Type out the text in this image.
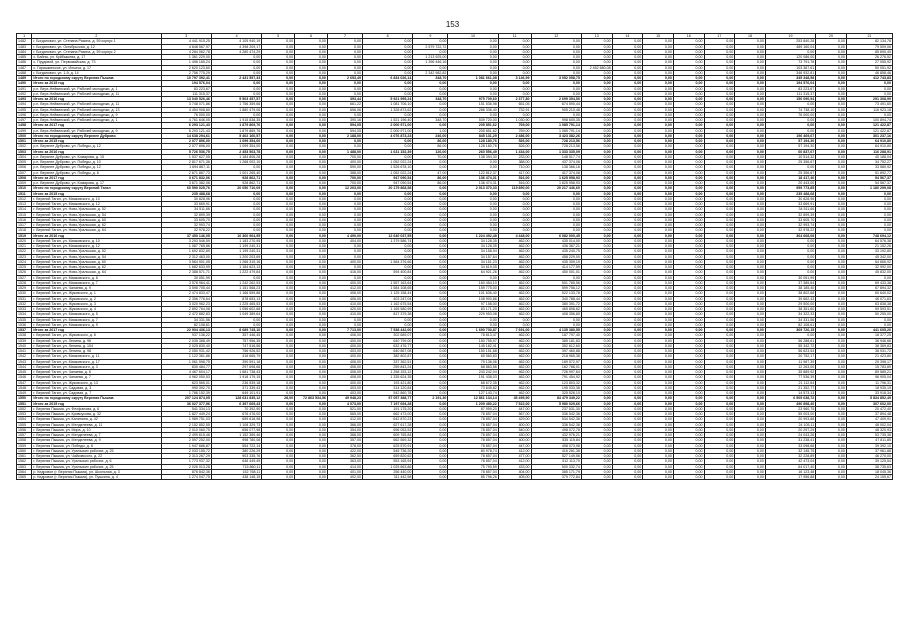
153
1	2	3	4	5	6	7	8	9	10	11	12	13	14	15	16	17	18	19	20	21
1482	г. Богданович, ул. Степана Разина, д. 59 корпус 1	4 441 915,25	4 105 940,19	0,00	0,00	0,00	0,00	0,00	0,00	0,00	0,00	0,00	0,00	0,00	0,00	0,00	0,00	253 840,28	0,00	82 134,78
1483	г. Богданович, ул. Октябрьская, д. 12	4 648 567,97	4 398 209,17	0,00	0,00	0,00	0,00	2 579 722,72	0,00	0,00	0,00	0,00	0,00	0,00	0,00	0,00	0,00	489 160,04	0,00	79 509,06
1484	г. Богданович, ул. Степана Разина, д. 59 корпус 2	4 284 062,78	4 280 474,29	0,00	0,00	0,00	0,00	0,00	0,00	0,00	0,00	0,00	0,00	0,00	0,00	0,00	0,00	0,00	0,00	85 690,49
1485	с. Байны, ул. Куйбышева, д. 17	1 361 229,00	0,00	0,00	0,00	0,00	0,00	1 213 925,00	0,00	0,00	0,00	0,00	0,00	0,00	0,00	0,00	0,00	120 086,00	0,00	26 276,52
1486	с. Прудовой, ул. Первомайская, д. 73	1 496 165,24	0,00	0,00	0,00	0,00	0,00	1 396 446,16	0,00	0,00	0,00	0,00	0,00	0,00	0,00	0,00	0,00	73 791,78	0,00	27 055,92
1487	с. Гарашкинское, ул. Ильича, д. 17	2 620 123,60	0,00	0,00	0,00	0,00	0,00	0,00	0,00	0,00	0,00	2 452 680,08	0,00	0,00	0,00	0,00	0,00	103 387,61	0,00	50 051,92
1488	г. Богданович, ул. 1-й, д. 14	2 756 775,29	0,00	0,00	0,00	0,00	0,00	2 342 982,82	0,00	0,00	0,00	0,00	0,00	0,00	0,00	0,00	0,00	346 932,81	0,00	46 858,46
1489	Итого по городскому округу Верхняя Пышма	10 797 392,41	2 431 557,33	0,00	0,00	2 653,49	6 834 026,14	348,70	1 081 661,08	3 146,99	3 052 058,75	0,00	0,00	0,00	0,00	0,00	0,00	345 348,58	0,00	412 743,83
1490	Итого за 2015 год	194 576,04	0,00	0,00	0,00	0,00	0,00	0,00	0,00	0,00	0,00	0,00	0,00	0,00	0,00	0,00	0,00	194 576,04	0,00	0,00
1491	р.п. Верх-Нейвинский, ул. Рабочей молодежи, д. 1	83 223,67	0,00	0,00	0,00	0,00	0,00	0,00	0,00	0,00	0,00	0,00	0,00	0,00	0,00	0,00	0,00	83 223,67	0,00	0,00
1492	р.п. Верх-Нейвинский, ул. Рабочей молодежи, д. 11	111 315,37	0,00	0,00	0,00	0,00	0,00	0,00	0,00	0,00	0,00	0,00	0,00	0,00	0,00	0,00	0,00	111 315,37	0,00	0,00
1493	Итого за 2016 год	13 040 526,46	5 503 457,57	0,00	0,00	393,44	5 921 995,24	348,70	975 709,60	2 377,80	2 699 354,50	0,00	0,00	0,00	0,00	0,00	0,00	150 090,94	0,00	291 308,99
1494	р.п. Верх-Нейвинский, ул. Рабочей молодежи, д. 11	3 748 071,86	1 756 359,66	0,00	0,00	661,22	1 081 706,10	0,00	151 536,98	651,05	674 590,44	0,00	0,00	0,00	0,00	0,00	0,00	0,00	0,00	73 491,60
1495	р.п. Верх-Нейвинский, ул. Рабочей молодежи, д. 13	4 454 908,80	1 880 479,06	0,00	0,00	656,06	1 328 873,62	0,00	286 336,40	732,91	905 210,48	0,00	0,00	0,00	0,00	0,00	0,00	74 738,10	0,00	116 923,18
1496	р.п. Верх-Нейвинский, ул. Рабочей молодежи, д. 9	76 000,00	0,00	0,00	0,00	0,00	0,00	0,00	0,00	0,00	0,00	0,00	0,00	0,00	0,00	0,00	0,00	76 000,00	0,00	0,00
1497	р.п. Верх-Нейвинский, ул. Рабочей молодежи, д. 1	4 761 646,05	1 915 838,35	0,00	0,00	390,16	1 521 196,40	348,70	539 720,00	1 030,90	998 605,35	0,00	0,00	0,00	0,00	0,00	0,00	0,00	0,00	100 894,74
1498	Итого за 2017 год	6 293 121,43	1 879 869,76	0,00	0,00	594,05	2 000 971,00	0,00	205 851,62	769,00	1 085 791,14	0,00	0,00	0,00	0,00	0,00	0,00	0,00	0,00	121 422,87
1499	р.п. Верх-Нейвинский, ул. Рабочей молодежи, д. 9	6 293 121,43	1 879 869,76	0,00	0,00	594,05	2 000 971,00	1,00	205 851,62	769,00	1 085 791,14	0,00	0,00	0,00	0,00	0,00	0,00	0,00	0,00	121 422,87
1500	Итого по городскому округу Верхнее Дуброво	14 638 294,61	5 402 160,57	0,00	0,00	2 188,00	4 076 873,23	246,00	845 131,29	2 486,00	3 423 382,26	0,00	0,00	0,00	0,00	0,00	0,00	196 469,67	0,00	301 237,16
1501	Итого за 2015 год	2 077 896,00	1 099 354,00	0,00	0,00	0,00	0,00	86,00	128 180,76	526,00	728 213,56	0,00	0,00	0,00	0,00	0,00	0,00	57 194,30	0,00	64 910,80
1502	р.п. Верхнее Дуброво, ул. Победы, д. 12	2 077 896,00	1 099 354,00	0,00	0,00	0,00	0,00	86,00	128 180,76	526,00	728 213,56	0,00	0,00	0,00	0,00	0,00	0,00	57 194,30	0,00	64 910,80
1503	Итого за 2016 год	5 726 536,75	2 453 563,78	0,00	0,00	1 488,00	1 631 152,39	126,00	260 556,49	1 434,00	1 333 335,09	0,00	0,00	0,00	0,00	0,00	0,00	60 837,07	0,00	116 288,91
1504	р.п. Верхнее Дуброво, ул. Комарова, д. 15	1 537 627,05	1 184 806,28	0,00	0,00	700,00	0,00	70,00	138 394,30	233,00	148 517,74	0,00	0,00	0,00	0,00	0,00	0,00	10 514,32	0,00	40 188,04
1505	р.п. Верхнее Дуброво, ул. Победы, д. 10	2 817 671,36	1 268 002,10	0,00	0,00	400,00	1 052 022,24	0,00	0,00	388,00	437 374,08	0,00	0,00	0,00	0,00	0,00	0,00	25 356,67	0,00	34 752,27
1506	р.п. Верхнее Дуброво, ул. Победы, д. 12	1 694 867,11	0,00	0,00	0,00	590,00	1 526 678,10	0,00	0,00	710,00	138 366,16	0,00	0,00	0,00	0,00	0,00	0,00	0,00	0,00	33 580,92
1507	р.п. Верхнее Дуброво, ул. Победы, д. 8	2 671 867,73	1 001 265,40	0,00	0,00	388,00	1 052 022,24	47,00	122 812,37	417,00	417 374,08	0,00	0,00	0,00	0,00	0,00	0,00	25 356,67	0,00	51 892,77
1508	Итого за 2017 год	3 671 832,06	928 862,71	0,00	0,00	700,00	947 090,54	86,00	136 474,31	516,00	1 625 958,93	0,00	0,00	0,00	0,00	0,00	0,00	18 417,40	0,00	54 567,37
1509	р.п. Верхнее Дуброво, ул. Комарова, д. 17	3 671 382,06	928 862,71	0,00	0,00	700,00	947 090,54	86,00	136 474,31	516,00	1 625 958,93	0,00	0,00	0,00	0,00	0,00	0,00	20 443,00	0,00	54 567,37
1510	Итого по городскому округу Верхний Тагил	60 590 025,76	20 050 710,09	0,00	0,00	12 203,00	20 179 868,58	0,00	2 913 370,33	119 890,00	20 217 446,60	0,00	0,00	0,00	0,00	0,00	0,00	959 773,85	0,00	1 180 299,08
1511	Итого за 2015 год	235 488,68	0,00	0,00	0,00	0,00	0,00	0,00	0,00	0,00	0,00	0,00	0,00	0,00	0,00	0,00	0,00	235 488,68	0,00	0,00
1512	г. Верхний Тагил, ул. Маяковского, д. 10	30 828,96	0,00	0,00	0,00	0,00	0,00	0,00	0,00	0,00	0,00	0,00	0,00	0,00	0,00	0,00	0,00	30 828,96	0,00	0,00
1513	г. Верхний Тагил, ул. Маяковского, д. 12	33 669,91	0,00	0,00	0,00	0,00	0,00	0,00	0,00	0,00	0,00	0,00	0,00	0,00	0,00	0,00	0,00	33 669,91	0,00	0,00
1514	г. Верхний Тагил, ул. Ново-Уральская, д. 52	34 511,66	0,00	0,00	0,00	0,00	0,00	0,00	0,00	0,00	0,00	0,00	0,00	0,00	0,00	0,00	0,00	34 511,66	0,00	0,00
1515	г. Верхний Тагил, ул. Ново-Уральская, д. 54	32 899,39	0,00	0,00	0,00	0,00	0,00	0,00	0,00	0,00	0,00	0,00	0,00	0,00	0,00	0,00	0,00	32 899,39	0,00	0,00
1516	г. Верхний Тагил, ул. Ново-Уральская, д. 60	33 605,70	0,00	0,00	0,00	0,00	0,00	0,00	0,00	0,00	0,00	0,00	0,00	0,00	0,00	0,00	0,00	33 605,70	0,00	0,00
1517	г. Верхний Тагил, ул. Ново-Уральская, д. 62	32 993,74	0,00	0,00	0,00	0,00	0,00	0,00	0,00	0,00	0,00	0,00	0,00	0,00	0,00	0,00	0,00	32 993,74	0,00	0,00
1518	г. Верхний Тагил, ул. Ново-Уральская, д. 64	32 978,22	0,00	0,00	0,00	0,00	0,00	0,00	0,00	0,00	0,00	0,00	0,00	0,00	0,00	0,00	0,00	32 978,22	0,00	0,00
1519	Итого за 2016 год	37 450 146,05	10 360 964,95	0,00	0,00	4 490,00	12 640 037,55	0,00	1 224 492,48	4 448,00	6 082 000,45	0,00	0,00	0,00	0,00	0,00	0,00	364 668,08	0,00	748 694,12
1520	г. Верхний Тагил, ул. Маяковского, д. 10	3 293 546,59	1 183 270,95	0,00	0,00	404,00	1 379 586,74	0,00	34 128,35	462,00	435 014,00	0,00	0,00	0,00	0,00	0,00	0,00	0,00	0,00	64 576,38
1521	г. Верхний Тагил, ул. Маяковского, д. 12	1 087 765,86	1 199 240,31	0,00	0,00	0,00	0,00	0,00	34 128,35	462,00	436 367,21	0,00	0,00	0,00	0,00	0,00	0,00	0,00	0,00	21 152,26
1522	г. Верхний Тагил, ул. Ново-Уральская, д. 52	1 692 832,89	1 199 240,31	0,00	0,00	0,00	0,00	0,00	34 158,94	462,00	435 240,75	0,00	0,00	0,00	0,00	0,00	0,00	0,00	0,00	33 192,80
1523	г. Верхний Тагил, ул. Ново-Уральская, д. 54	2 312 463,00	1 200 203,69	0,00	0,00	0,00	0,00	0,00	34 157,64	462,00	458 229,00	0,00	0,00	0,00	0,00	0,00	0,00	0,00	0,00	45 342,00
1524	г. Верхний Тагил, ул. Ново-Уральская, д. 60	3 564 901,05	1 266 319,16	0,00	0,00	400,00	1 584 376,66	0,00	34 151,23	462,00	435 309,19	0,00	0,00	0,00	0,00	0,00	0,00	0,00	0,00	64 666,92
1525	г. Верхний Тагил, ул. Ново-Уральская, д. 62	1 682 633,99	1 184 623,13	0,00	0,00	0,00	0,00	0,00	34 619,05	462,00	414 177,59	0,00	0,00	0,00	0,00	0,00	0,00	0,00	0,00	32 992,00
1526	г. Верхний Тагил, ул. Ново-Уральская, д. 64	2 388 571,71	1 222 479,84	0,00	0,00	416,00	594 400,84	0,00	64 921,26	462,00	450 001,01	0,00	0,00	0,00	0,00	0,00	0,00	0,00	0,00	45 832,00
1527	г. Верхний Тагил, ул. Маяковского, д. 8	30 051,99	0,00	0,00	0,00	0,00	0,00	0,00	0,00	0,00	0,00	0,00	0,00	0,00	0,00	0,00	0,00	30 051,99	0,00	0,00
1528	г. Верхний Тагил, ул. Маяковского, д. 7	3 578 964,41	1 242 262,53	0,00	0,00	400,00	1 557 163,64	0,00	160 454,10	462,00	501 785,56	0,00	0,00	0,00	0,00	0,00	0,00	37 385,64	0,00	69 433,38
1529	г. Верхний Тагил, ул. Чапаева, д. 9	3 598 705,44	1 151 568,23	0,00	0,00	412,00	1 584 108,65	0,00	159 775,00	462,00	599 756,12	0,00	0,00	0,00	0,00	0,00	0,00	38 185,40	0,00	67 894,32
1530	г. Верхний Тагил, ул. Жуковского, д. 1	2 474 833,47	1 166 559,88	0,00	0,00	406,00	1 125 158,44	0,00	101 636,40	462,00	522 133,78	0,00	0,00	0,00	0,00	0,00	0,00	38 802,68	0,00	60 640,02
1531	г. Верхний Тагил, ул. Жуковского, д. 2	2 356 776,64	878 653,13	0,00	0,00	406,00	403 247,04	0,00	108 900,86	462,00	340 788,44	0,00	0,00	0,00	0,00	0,00	0,00	39 662,43	0,00	46 071,63
1532	г. Верхний Тагил, ул. Жуковского, д. 3	3 020 962,23	1 225 465,53	0,00	0,00	410,00	1 162 675,54	0,00	97 158,00	462,00	380 391,72	0,00	0,00	0,00	0,00	0,00	0,00	29 500,00	0,00	63 838,38
1533	г. Верхний Тагил, ул. Жуковского, д. 4	2 892 764,08	1 056 602,68	0,00	0,00	420,00	1 165 580,99	0,00	83 171,20	462,00	465 898,62	0,00	0,00	0,00	0,00	0,00	0,00	38 351,60	0,00	59 593,51
1534	г. Верхний Тагил, ул. Маяковского, д. 5	2 472 882,83	1 049 389,64	0,00	0,00	410,00	817 379,38	0,00	229 953,08	462,00	408 356,80	0,00	0,00	0,00	0,00	0,00	0,00	34 322,33	0,00	50 255,00
1535	г. Верхний Тагил, ул. Маяковского, д. 7	34 331,56	0,00	0,00	0,00	0,00	0,00	0,00	0,00	0,00	0,00	0,00	0,00	0,00	0,00	0,00	0,00	34 331,56	0,00	0,00
1536	г. Верхний Тагил, ул. Маяковского, д. 9	82 108,61	0,00	0,00	0,00	0,00	0,00	0,00	0,00	0,00	0,00	0,00	0,00	0,00	0,00	0,00	0,00	82 108,61	0,00	0,00
1537	Итого за 2017 год	22 904 436,13	8 689 745,10	0,00	0,00	7 713,00	7 538 442,00	0,00	1 690 730,87	7 691,00	4 135 380,55	0,00	0,00	0,00	0,00	0,00	0,00	369 726,15	0,00	441 605,20
1538	г. Верхний Тагил, ул. Жуковского, д. 6	937 136,22	357 446,45	0,00	0,00	406,00	302 689,07	0,00	78 813,47	462,00	187 797,40	0,00	0,00	0,00	0,00	0,00	0,00	0,00	0,00	18 377,25
1539	г. Верхний Тагил, ул. Ленина, д. 96	2 035 388,49	757 956,35	0,00	0,00	400,00	640 799,00	0,00	150 755,97	462,00	385 181,83	0,00	0,00	0,00	0,00	0,00	0,00	56 288,61	0,00	38 946,66
1540	г. Верхний Тагил, ул. Ленина, д. 104	2 025 830,40	747 516,56	0,00	0,00	400,00	632 476,77	0,00	145 182,41	462,00	352 612,60	0,00	0,00	0,00	0,00	0,00	0,00	55 342,72	0,00	38 369,83
1541	г. Верхний Тагил, ул. Ленина, д. 98	2 050 931,42	756 926,52	0,00	0,00	403,00	640 867,08	0,00	150 151,68	462,00	397 460,88	0,00	0,00	0,00	0,00	0,00	0,00	56 623,54	0,00	38 931,72
1542	г. Верхний Тагил, ул. Маяковского, д. 11	1 122 361,86	416 665,79	0,00	0,00	400,00	382 802,87	0,00	65 560,83	462,00	218 965,36	0,00	0,00	0,00	0,00	0,00	0,00	20 752,17	0,00	21 423,80
1543	г. Верхний Тагил, ул. Маяковского, д. 17	1 061 598,75	390 591,18	0,00	0,00	406,00	337 362,51	0,00	79 136,06	462,00	189 572,97	0,00	0,00	0,00	0,00	0,00	0,00	11 987,39	0,00	20 398,17
1544	г. Верхний Тагил, ул. Маяковского, д. 3	830 484,77	297 698,68	0,00	0,00	406,00	259 843,24	0,00	68 863,56	462,00	162 788,01	0,00	0,00	0,00	0,00	0,00	0,00	12 263,00	0,00	15 783,89
1545	г. Верхний Тагил, ул. Чапаева, д. 6	4 467 604,17	1 681 738,43	0,00	0,00	406,00	1 258 153,12	0,00	243 242,04	462,00	726 997,64	0,00	0,00	0,00	0,00	0,00	0,00	35 889,92	0,00	89 585,21
1546	г. Верхний Тагил, ул. Чапаева, д. 7	4 962 050,53	1 918 179,15	0,00	0,00	408,00	1 335 624,35	0,00	191 438,03	462,00	791 454,92	0,00	0,00	0,00	0,00	0,00	0,00	77 536,39	0,00	96 905,04
1547	г. Верхний Тагил, ул. Жуковского, д. 13	623 565,01	236 539,18	0,00	0,00	400,00	193 421,80	0,00	68 672,35	462,00	123 803,32	0,00	0,00	0,00	0,00	0,00	0,00	21 112,64	0,00	11 796,31
1548	г. Верхний Тагил, ул. Садовая, д. 3	990 392,70	371 339,43	0,00	0,00	403,00	314 120,84	0,00	73 645,82	462,00	195 033,36	0,00	0,00	0,00	0,00	0,00	0,00	21 352,77	0,00	18 935,19
1549	г. Верхний Тагил, ул. Садовая, д. 7	1 786 152,39	649 101,91	0,00	0,00	403,00	542 860,78	0,00	127 143,74	462,00	325 526,10	0,00	0,00	0,00	0,00	0,00	0,00	14 573,13	0,00	33 918,34
1550	Итого по городскому округу Верхняя Пышма	207 124 874,05	128 631 835,12	28,00	72 863 534,56	49 948,23	97 057 388,77	2 191,30	12 861 134,14	45 495,90	84 479 349,22	0,00	0,00	0,00	0,00	0,00	0,00	6 505 638,72	0,00	5 834 852,49
1551	Итого за 2015 год	36 027 377,96	6 397 669,43	0,00	0,00	4 073,00	7 197 694,28	0,00	1 209 480,22	7 522,00	5 980 029,66	0,00	0,00	0,00	0,00	0,00	0,00	490 898,40	0,00	307 602,00
1552	г. Верхняя Пышма, ул. Феофанова, д. 6	541 334,13	70 392,90	0,00	0,00	521,00	191 175,20	0,00	87 959,20	447,00	237 531,30	0,00	0,00	0,00	0,00	0,00	0,00	23 960,75	0,00	20 472,40
1553	г. Верхняя Пышма, ул. Кривоусова, д. 32	1 827 449,24	676 476,00	0,00	0,00	565,00	662 473,00	0,00	78 857,04	567,00	336 542,36	0,00	0,00	0,00	0,00	0,00	0,00	55 003,00	0,00	37 894,48
1554	г. Верхняя Пышма, ул. Калинина, д. 42	1 989 751,03	659 618,98	0,00	0,00	412,00	642 870,23	0,00	78 857,04	429,00	534 542,36	0,00	0,00	0,00	0,00	0,00	0,00	20 993,88	0,00	47 409,91
1555	г. Верхняя Пышма, ул. Менделеева, д. 11	2 152 852,55	1 108 329,73	0,00	0,00	366,00	627 617,28	0,00	78 857,04	400,00	336 542,36	0,00	0,00	0,00	0,00	0,00	0,00	24 105,11	0,00	48 002,04
1556	г. Верхняя Пышма, ул. Мира, д. 10	2 010 060,75	656 077,98	0,00	0,00	354,00	696 053,52	0,00	78 857,04	540,00	498 072,78	0,00	0,00	0,00	0,00	0,00	0,00	20 297,29	0,00	48 320,93
1557	г. Верхняя Пышма, ул. Менделеева, д. 7	2 499 615,46	1 152 369,46	0,00	0,00	366,00	609 765,84	0,00	78 857,04	430,00	432 976,21	0,00	0,00	0,00	0,00	0,00	0,00	24 043,26	0,00	53 735,36
1558	г. Верхняя Пышма, ул. Менделеева, д. 9	2 597 252,00	998 780,08	0,00	0,00	357,00	662 569,32	0,00	78 857,04	400,00	535 115,84	0,00	0,00	0,00	0,00	0,00	0,00	31 238,41	0,00	47 811,85
1559	г. Верхняя Пышма, ул. Победы, д. 8	1 947 686,87	554 722,14	0,00	0,00	378,00	625 570,91	0,00	78 857,04	447,00	498 073,98	0,00	0,00	0,00	0,00	0,00	0,00	33 098,68	0,00	39 392,10
1560	г. Верхняя Пышма, ул. Уральских рабочих, д. 25	2 033 155,72	380 226,29	0,00	0,00	422,00	545 736,20	0,00	80 978,74	412,00	416 281,38	0,00	0,00	0,00	0,00	0,00	0,00	32 145,75	0,00	37 961,88
1561	г. Верхняя Пышма, ул. Чайковского, д. 22	2 313 267,29	903 335,76	0,00	0,00	362,00	659 820,62	0,00	78 857,04	477,00	527 149,56	0,00	0,00	0,00	0,00	0,00	0,00	32 228,89	0,00	46 270,00
1562	г. Верхняя Пышма, ул. Уральских рабочих, д. 6	1 773 937,32	646 449,49	0,00	0,00	363,00	553 165,94	0,00	78 857,04	412,00	512 113,70	0,00	0,00	0,00	0,00	0,00	0,00	42 473,04	0,00	39 125,54
1563	г. Верхняя Пышма, ул. Уральских рабочих, д. 25	2 026 013,28	715 860,11	0,00	0,00	414,00	1 025 663,86	0,00	75 790,59	433,00	500 332,74	0,00	0,00	0,00	0,00	0,00	0,00	64 017,40	0,00	38 735,63
1564	р. Кедровое (г. Верхняя Пышма), ул. Школьная, д. 3	876 842,36	152 768,11	0,00	0,00	401,00	256 440,00	0,00	78 857,04	404,00	385 171,79	0,00	0,00	0,00	0,00	0,00	0,00	16 123,48	0,00	18 045,36
1565	р. Кедровое (г. Верхняя Пышма), ул. Пушкина, д. 4	1 274 047,75	438 148,15	0,00	0,00	402,00	311 442,58	0,00	85 796,26	405,00	379 772,84	0,00	0,00	0,00	0,00	0,00	0,00	17 956,88	0,00	24 155,67
